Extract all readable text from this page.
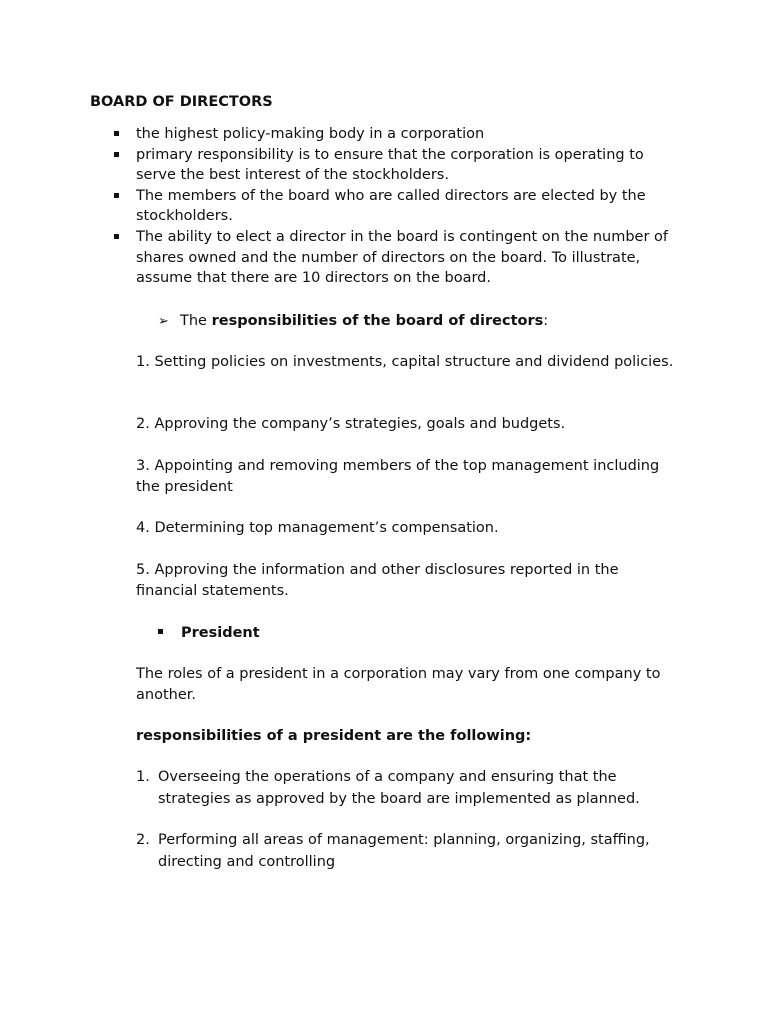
BOARD OF DIRECTORS
the highest policy-making body in a corporation
primary responsibility is to ensure that the corporation is operating to serve the best interest of the stockholders.
The members of the board who are called directors are elected by the stockholders.
The ability to elect a director in the board is contingent on the number of shares owned and the number of directors on the board. To illustrate, assume that there are 10 directors on the board.
➢ The responsibilities of the board of directors:

1. Setting policies on investments, capital structure and dividend policies.

2. Approving the company’s strategies, goals and budgets.

3. Appointing and removing members of the top management including the president

4. Determining top management’s compensation.

5. Approving the information and other disclosures reported in the financial statements.

President

The roles of a president in a corporation may vary from one company to another.

responsibilities of a president are the following:

1. Overseeing the operations of a company and ensuring that the strategies as approved by the board are implemented as planned.
2. Performing all areas of management: planning, organizing, staffing, directing and controlling
